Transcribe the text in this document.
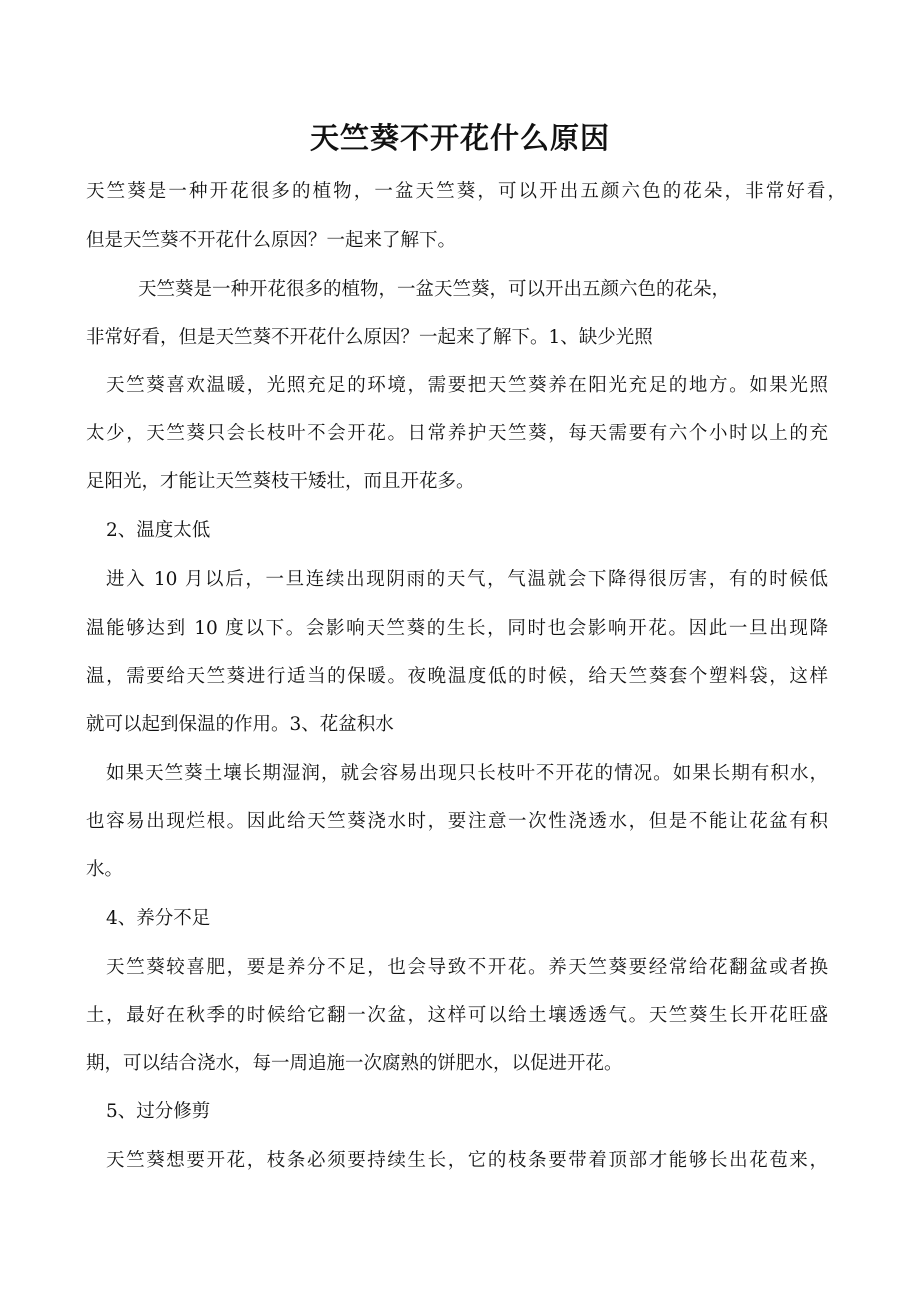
天竺葵不开花什么原因

天竺葵是一种开花很多的植物，一盆天竺葵，可以开出五颜六色的花朵，非常好看，

但是天竺葵不开花什么原因？一起来了解下。

天竺葵是一种开花很多的植物，一盆天竺葵，可以开出五颜六色的花朵，

非常好看，但是天竺葵不开花什么原因？一起来了解下。1、缺少光照

天竺葵喜欢温暖，光照充足的环境，需要把天竺葵养在阳光充足的地方。如果光照

太少，天竺葵只会长枝叶不会开花。日常养护天竺葵，每天需要有六个小时以上的充

足阳光，才能让天竺葵枝干矮壮，而且开花多。

2、温度太低

进入 10 月以后，一旦连续出现阴雨的天气，气温就会下降得很厉害，有的时候低

温能够达到 10 度以下。会影响天竺葵的生长，同时也会影响开花。因此一旦出现降

温，需要给天竺葵进行适当的保暖。夜晚温度低的时候，给天竺葵套个塑料袋，这样

就可以起到保温的作用。3、花盆积水

如果天竺葵土壤长期湿润，就会容易出现只长枝叶不开花的情况。如果长期有积水，

也容易出现烂根。因此给天竺葵浇水时，要注意一次性浇透水，但是不能让花盆有积

水。

4、养分不足

天竺葵较喜肥，要是养分不足，也会导致不开花。养天竺葵要经常给花翻盆或者换

土，最好在秋季的时候给它翻一次盆，这样可以给土壤透透气。天竺葵生长开花旺盛

期，可以结合浇水，每一周追施一次腐熟的饼肥水，以促进开花。

5、过分修剪

天竺葵想要开花，枝条必须要持续生长，它的枝条要带着顶部才能够长出花苞来，
